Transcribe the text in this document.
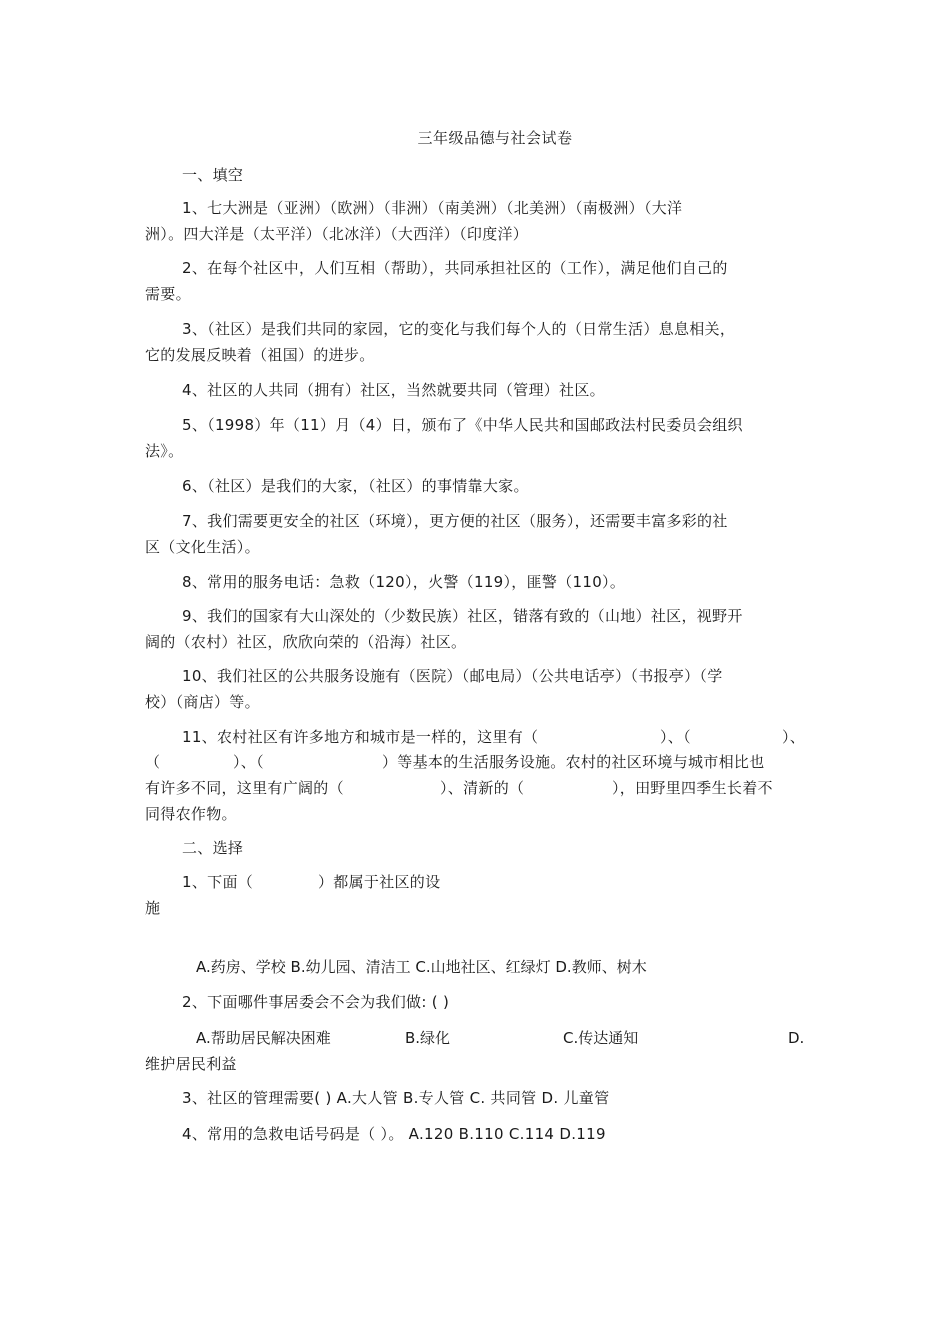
三年级品德与社会试卷
一、填空
1、七大洲是（亚洲）（欧洲）（非洲）（南美洲）（北美洲）（南极洲）（大洋
洲）。四大洋是（太平洋）（北冰洋）（大西洋）（印度洋）
2、在每个社区中，人们互相（帮助），共同承担社区的（工作），满足他们自己的
需要。
3、（社区）是我们共同的家园，它的变化与我们每个人的（日常生活）息息相关，
它的发展反映着（祖国）的进步。
4、社区的人共同（拥有）社区，当然就要共同（管理）社区。
5、（1998）年（11）月（4）日，颁布了《中华人民共和国邮政法村民委员会组织
法》。
6、（社区）是我们的大家，（社区）的事情靠大家。
7、我们需要更安全的社区（环境），更方便的社区（服务），还需要丰富多彩的社
区（文化生活）。
8、常用的服务电话：急救（120），火警（119），匪警（110）。
9、我们的国家有大山深处的（少数民族）社区，错落有致的（山地）社区，视野开
阔的（农村）社区，欣欣向荣的（沿海）社区。
10、我们社区的公共服务设施有（医院）（邮电局）（公共电话亭）（书报亭）（学
校）（商店）等。
11、农村社区有许多地方和城市是一样的，这里有（	）、（	）、
（	）、（	）等基本的生活服务设施。农村的社区环境与城市相比也
有许多不同，这里有广阔的（	）、清新的（	），田野里四季生长着不
同得农作物。
二、选择
1、下面（	）都属于社区的设
施
A.药房、学校 B.幼儿园、清洁工 C.山地社区、红绿灯 D.教师、树木
2、下面哪件事居委会不会为我们做: ( )
A.帮助居民解决困难	B.绿化	C.传达通知	D.
维护居民利益
3、社区的管理需要( ) A.大人管 B.专人管 C. 共同管 D. 儿童管
4、常用的急救电话号码是（ ）。 A.120 B.110 C.114 D.119
